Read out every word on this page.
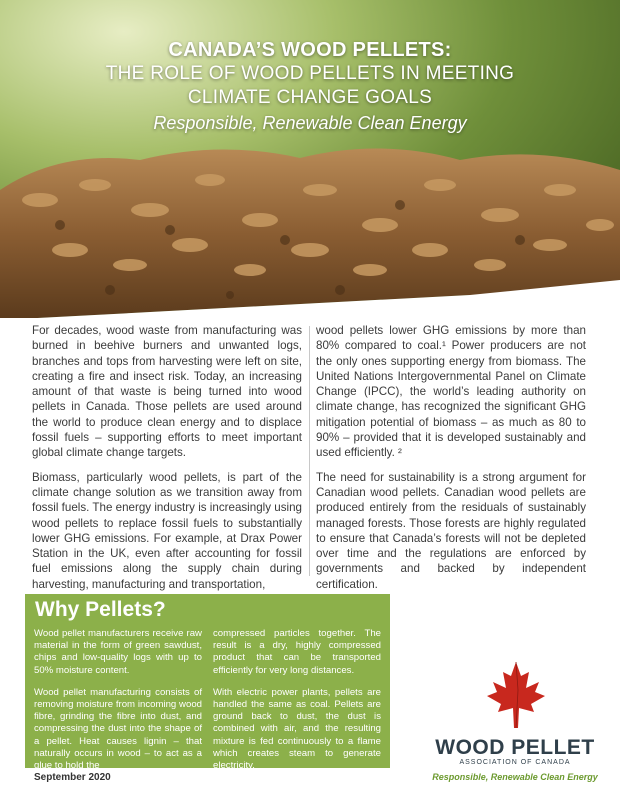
CANADA’S WOOD PELLETS:
THE ROLE OF WOOD PELLETS IN MEETING
CLIMATE CHANGE GOALS
Responsible, Renewable Clean Energy

For decades, wood waste from manufacturing was burned in beehive burners and unwanted logs, branches and tops from harvesting were left on site, creating a fire and insect risk. Today, an increasing amount of that waste is being turned into wood pellets in Canada. Those pellets are used around the world to produce clean energy and to displace fossil fuels – supporting efforts to meet important global climate change targets.

Biomass, particularly wood pellets, is part of the climate change solution as we transition away from fossil fuels. The energy industry is increasingly using wood pellets to replace fossil fuels to substantially lower GHG emissions. For example, at Drax Power Station in the UK, even after accounting for fossil fuel emissions along the supply chain during harvesting, manufacturing and transportation,

wood pellets lower GHG emissions by more than 80% compared to coal.¹ Power producers are not the only ones supporting energy from biomass. The United Nations Intergovernmental Panel on Climate Change (IPCC), the world’s leading authority on climate change, has recognized the significant GHG mitigation potential of biomass – as much as 80 to 90% – provided that it is developed sustainably and used efficiently. ²

The need for sustainability is a strong argument for Canadian wood pellets. Canadian wood pellets are produced entirely from the residuals of sustainably managed forests. Those forests are highly regulated to ensure that Canada’s forests will not be depleted over time and the regulations are enforced by governments and backed by independent certification.

Why Pellets?

Wood pellet manufacturers receive raw material in the form of green sawdust, chips and low-quality logs with up to 50% moisture content.

Wood pellet manufacturing consists of removing moisture from incoming wood fibre, grinding the fibre into dust, and compressing the dust into the shape of a pellet. Heat causes lignin – that naturally occurs in wood – to act as a glue to hold the

compressed particles together. The result is a dry, highly compressed product that can be transported efficiently for very long distances.

With electric power plants, pellets are handled the same as coal. Pellets are ground back to dust, the dust is combined with air, and the resulting mixture is fed continuously to a flame which creates steam to generate electricity.

September 2020
WOOD PELLET
ASSOCIATION OF CANADA
Responsible, Renewable Clean Energy
